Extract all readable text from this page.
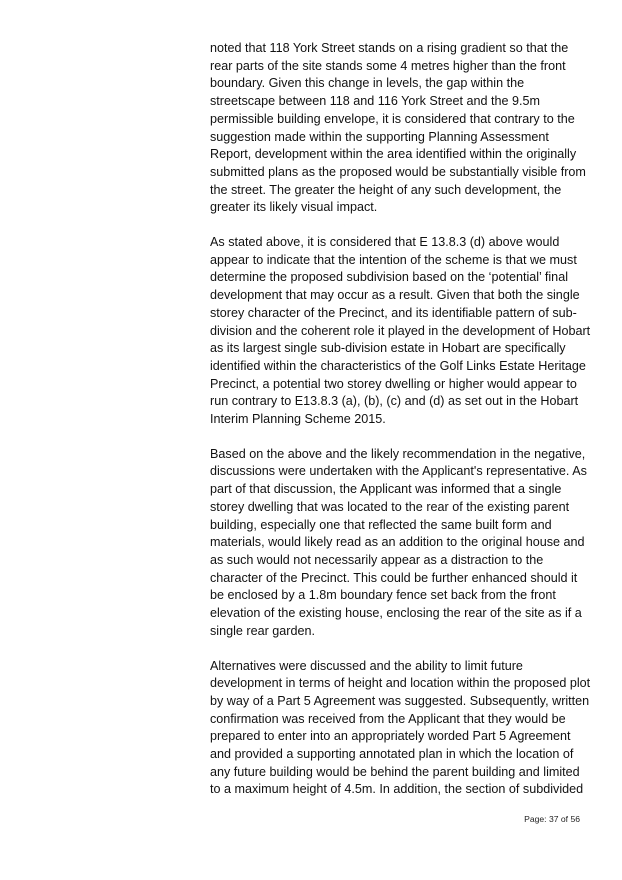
noted that 118 York Street stands on a rising gradient so that the rear parts of the site stands some 4 metres higher than the front boundary. Given this change in levels, the gap within the streetscape between 118 and 116 York Street and the 9.5m permissible building envelope, it is considered that contrary to the suggestion made within the supporting Planning Assessment Report, development within the area identified within the originally submitted plans as the proposed would be substantially visible from the street. The greater the height of any such development, the greater its likely visual impact.

As stated above, it is considered that E 13.8.3 (d) above would appear to indicate that the intention of the scheme is that we must determine the proposed subdivision based on the ‘potential’ final development that may occur as a result. Given that both the single storey character of the Precinct, and its identifiable pattern of sub-division and the coherent role it played in the development of Hobart as its largest single sub-division estate in Hobart are specifically identified within the characteristics of the Golf Links Estate Heritage Precinct, a potential two storey dwelling or higher would appear to run contrary to E13.8.3 (a), (b), (c) and (d) as set out in the Hobart Interim Planning Scheme 2015.

Based on the above and the likely recommendation in the negative, discussions were undertaken with the Applicant's representative. As part of that discussion, the Applicant was informed that a single storey dwelling that was located to the rear of the existing parent building, especially one that reflected the same built form and materials, would likely read as an addition to the original house and as such would not necessarily appear as a distraction to the character of the Precinct. This could be further enhanced should it be enclosed by a 1.8m boundary fence set back from the front elevation of the existing house, enclosing the rear of the site as if a single rear garden.

Alternatives were discussed and the ability to limit future development in terms of height and location within the proposed plot by way of a Part 5 Agreement was suggested. Subsequently, written confirmation was received from the Applicant that they would be prepared to enter into an appropriately worded Part 5 Agreement and provided a supporting annotated plan in which the location of any future building would be behind the parent building and limited to a maximum height of 4.5m. In addition, the section of subdivided

Page: 37 of 56
